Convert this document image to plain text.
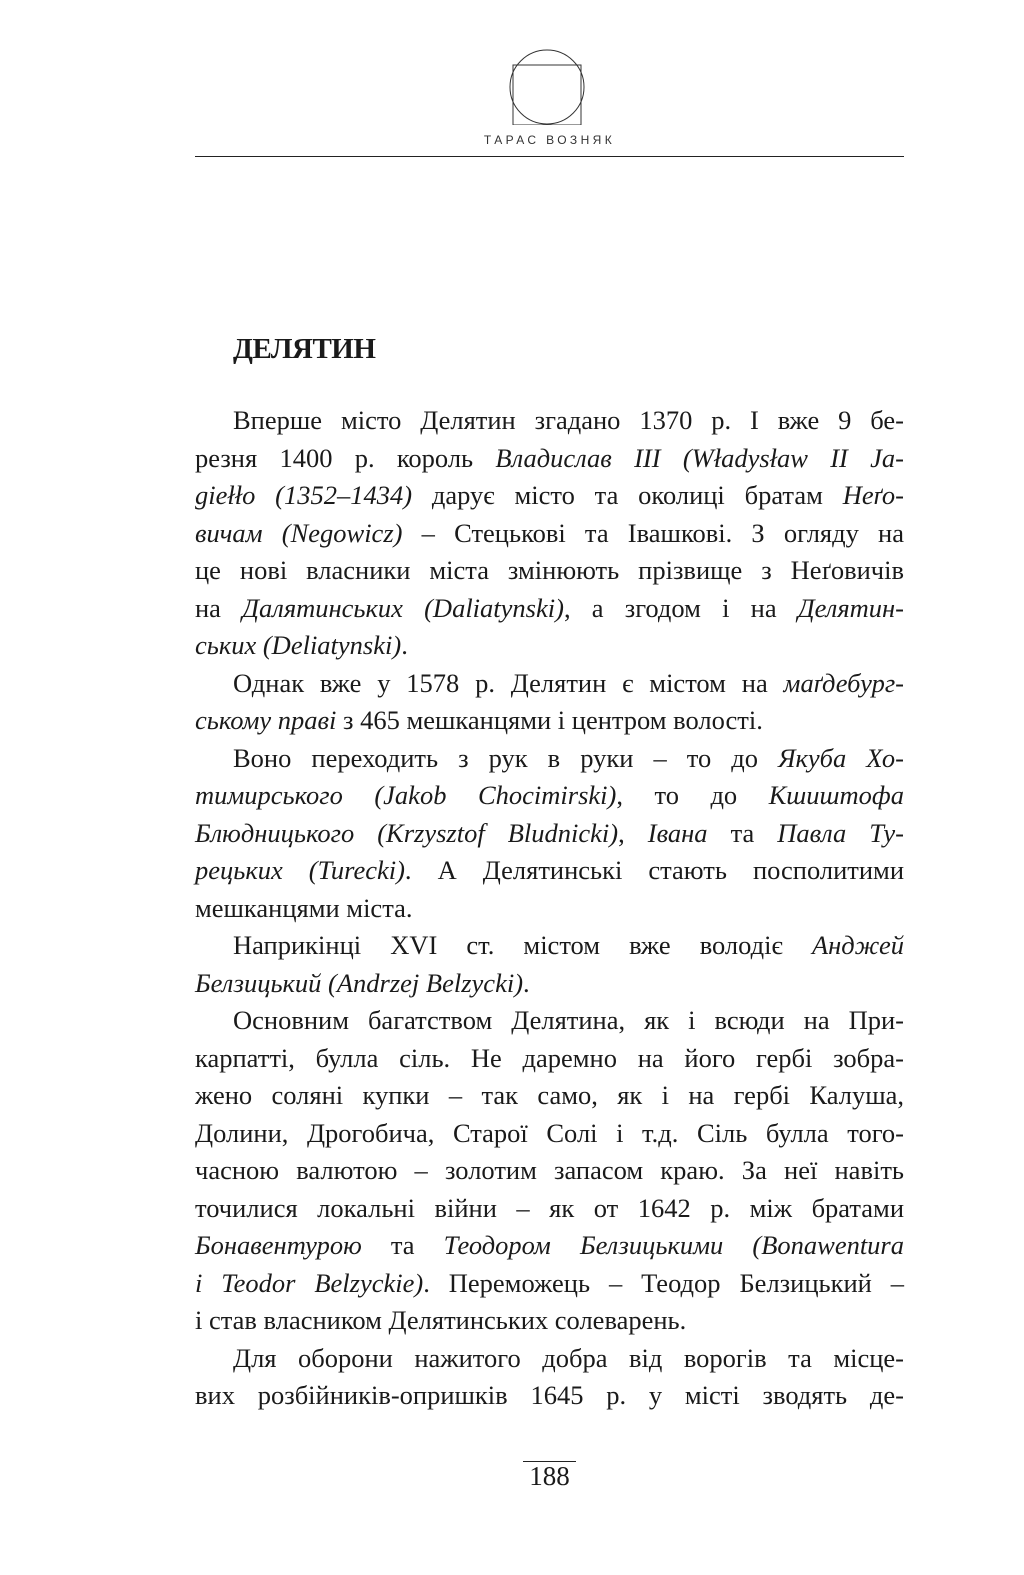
ТАРАС ВОЗНЯК
ДЕЛЯТИН
Вперше місто Делятин згадано 1370 р. І вже 9 бе-
резня 1400 р. король Владислав III (Władysław II Ja-
giełło (1352–1434) дарує місто та околиці братам Неґо-
вичам (Negowicz) – Стецькові та Івашкові. З огляду на
це нові власники міста змінюють прізвище з Неґовичів
на Далятинських (Daliatynski), а згодом і на Делятин-
ських (Deliatynski).
Однак вже у 1578 р. Делятин є містом на маґдебург-
ському праві з 465 мешканцями і центром волості.
Воно переходить з рук в руки – то до Якуба Хо-
тимирського (Jakob Chocimirski), то до Кшиштофа
Блюдницького (Krzysztof Bludnicki), Івана та Павла Ту-
рецьких (Turecki). А Делятинські стають посполитими
мешканцями міста.
Наприкінці XVI ст. містом вже володіє Анджей
Белзицький (Andrzej Belzycki).
Основним багатством Делятина, як і всюди на При-
карпатті, булла сіль. Не даремно на його гербі зобра-
жено соляні купки – так само, як і на гербі Калуша,
Долини, Дрогобича, Старої Солі і т.д. Сіль булла того-
часною валютою – золотим запасом краю. За неї навіть
точилися локальні війни – як от 1642 р. між братами
Бонавентурою та Теодором Белзицькими (Bonawentura
i Teodor Belzyckie). Переможець – Теодор Белзицький –
і став власником Делятинських солеварень.
Для оборони нажитого добра від ворогів та місце-
вих розбійників-опришків 1645 р. у місті зводять де-
188
